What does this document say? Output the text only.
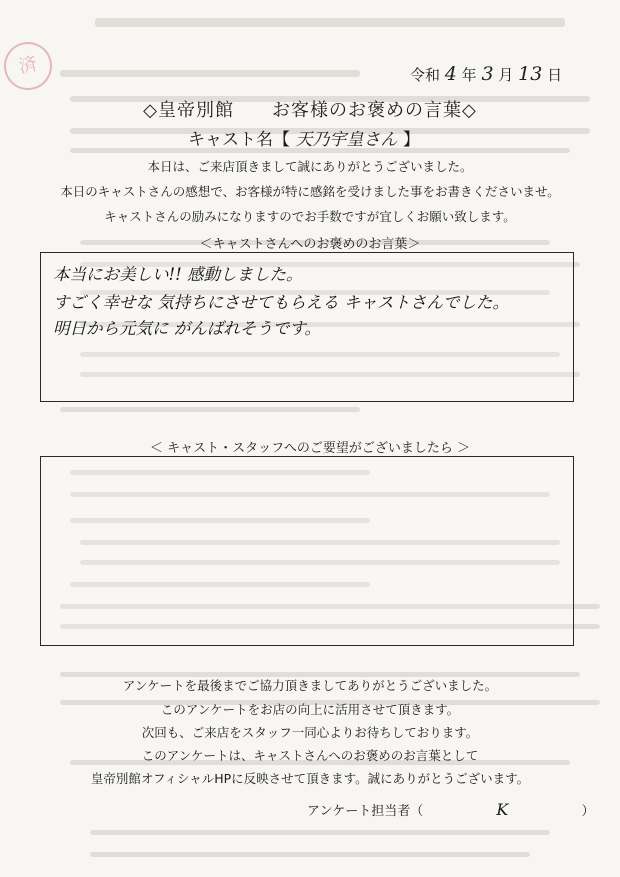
済	令和 4 年 3 月 13 日
◇皇帝別館　　お客様のお褒めの言葉◇
キャスト名【 天乃宇皇さん 】
本日は、ご来店頂きまして誠にありがとうございました。
本日のキャストさんの感想で、お客様が特に感銘を受けました事をお書きくださいませ。
キャストさんの励みになりますのでお手数ですが宜しくお願い致します。
＜キャストさんへのお褒めのお言葉＞
本当にお美しい!! 感動しました。
すごく幸せな 気持ちにさせてもらえる キャストさんでした。
明日から元気に がんばれそうです。
＜ キャスト・スタッフへのご要望がございましたら ＞
アンケートを最後までご協力頂きましてありがとうございました。
このアンケートをお店の向上に活用させて頂きます。
次回も、ご来店をスタッフ一同心よりお待ちしております。
このアンケートは、キャストさんへのお褒めのお言葉として
皇帝別館オフィシャルHPに反映させて頂きます。誠にありがとうございます。
アンケート担当者（	K	）
